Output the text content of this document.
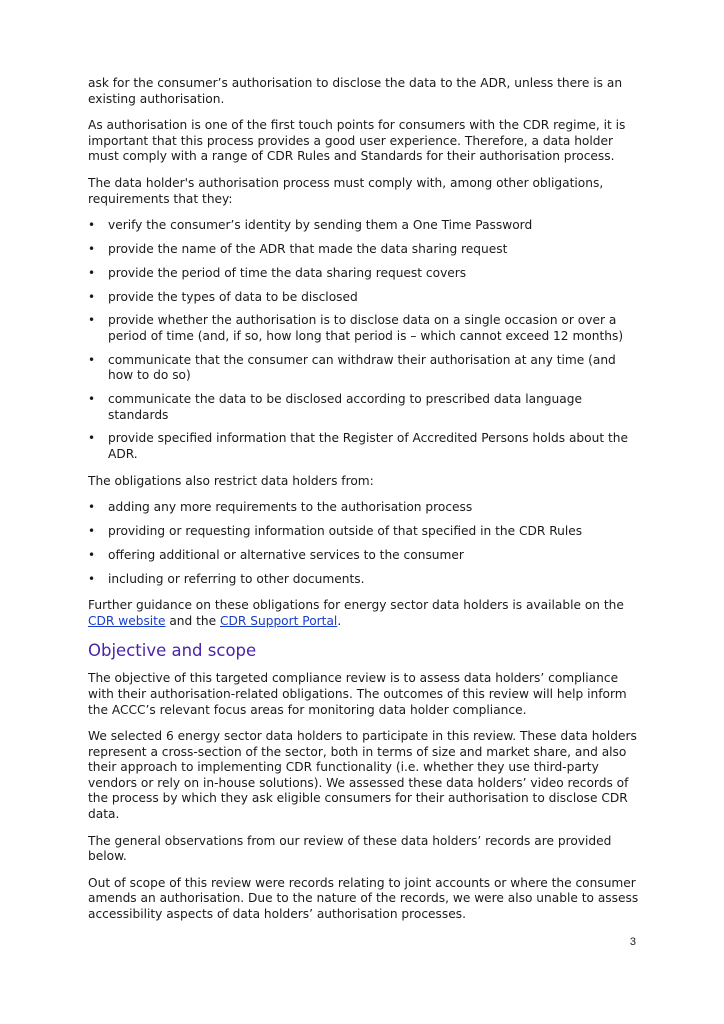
ask for the consumer’s authorisation to disclose the data to the ADR, unless there is an existing authorisation.

As authorisation is one of the first touch points for consumers with the CDR regime, it is important that this process provides a good user experience. Therefore, a data holder must comply with a range of CDR Rules and Standards for their authorisation process.

The data holder's authorisation process must comply with, among other obligations, requirements that they:

• verify the consumer’s identity by sending them a One Time Password
• provide the name of the ADR that made the data sharing request
• provide the period of time the data sharing request covers
• provide the types of data to be disclosed
• provide whether the authorisation is to disclose data on a single occasion or over a period of time (and, if so, how long that period is – which cannot exceed 12 months)
• communicate that the consumer can withdraw their authorisation at any time (and how to do so)
• communicate the data to be disclosed according to prescribed data language standards
• provide specified information that the Register of Accredited Persons holds about the ADR.

The obligations also restrict data holders from:

• adding any more requirements to the authorisation process
• providing or requesting information outside of that specified in the CDR Rules
• offering additional or alternative services to the consumer
• including or referring to other documents.

Further guidance on these obligations for energy sector data holders is available on the CDR website and the CDR Support Portal.

Objective and scope

The objective of this targeted compliance review is to assess data holders’ compliance with their authorisation-related obligations. The outcomes of this review will help inform the ACCC’s relevant focus areas for monitoring data holder compliance.

We selected 6 energy sector data holders to participate in this review. These data holders represent a cross-section of the sector, both in terms of size and market share, and also their approach to implementing CDR functionality (i.e. whether they use third-party vendors or rely on in-house solutions). We assessed these data holders’ video records of the process by which they ask eligible consumers for their authorisation to disclose CDR data.

The general observations from our review of these data holders’ records are provided below.

Out of scope of this review were records relating to joint accounts or where the consumer amends an authorisation. Due to the nature of the records, we were also unable to assess accessibility aspects of data holders’ authorisation processes.

3
